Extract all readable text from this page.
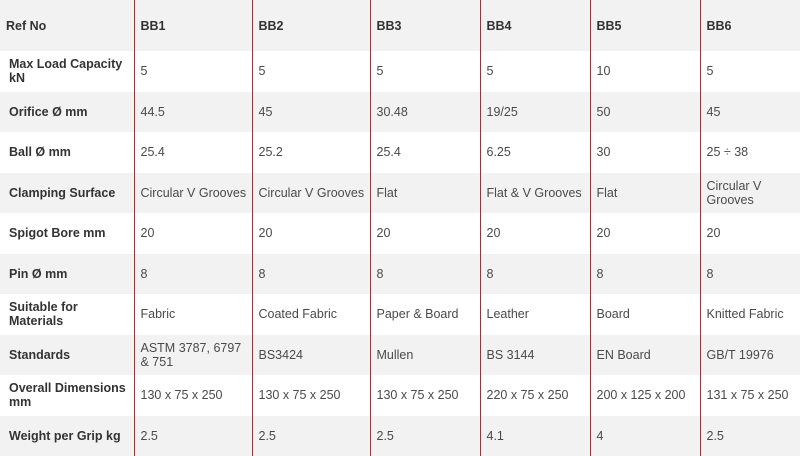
Ref No	BB1	BB2	BB3	BB4	BB5	BB6
Max Load Capacity kN	5	5	5	5	10	5
Orifice Ø mm	44.5	45	30.48	19/25	50	45
Ball Ø mm	25.4	25.2	25.4	6.25	30	25 ÷ 38
Clamping Surface	Circular V Grooves	Circular V Grooves	Flat	Flat & V Grooves	Flat	Circular V Grooves
Spigot Bore mm	20	20	20	20	20	20
Pin Ø mm	8	8	8	8	8	8
Suitable for Materials	Fabric	Coated Fabric	Paper & Board	Leather	Board	Knitted Fabric
Standards	ASTM 3787, 6797 & 751	BS3424	Mullen	BS 3144	EN Board	GB/T 19976
Overall Dimensions mm	130 x 75 x 250	130 x 75 x 250	130 x 75 x 250	220 x 75 x 250	200 x 125 x 200	131 x 75 x 250
Weight per Grip kg	2.5	2.5	2.5	4.1	4	2.5
